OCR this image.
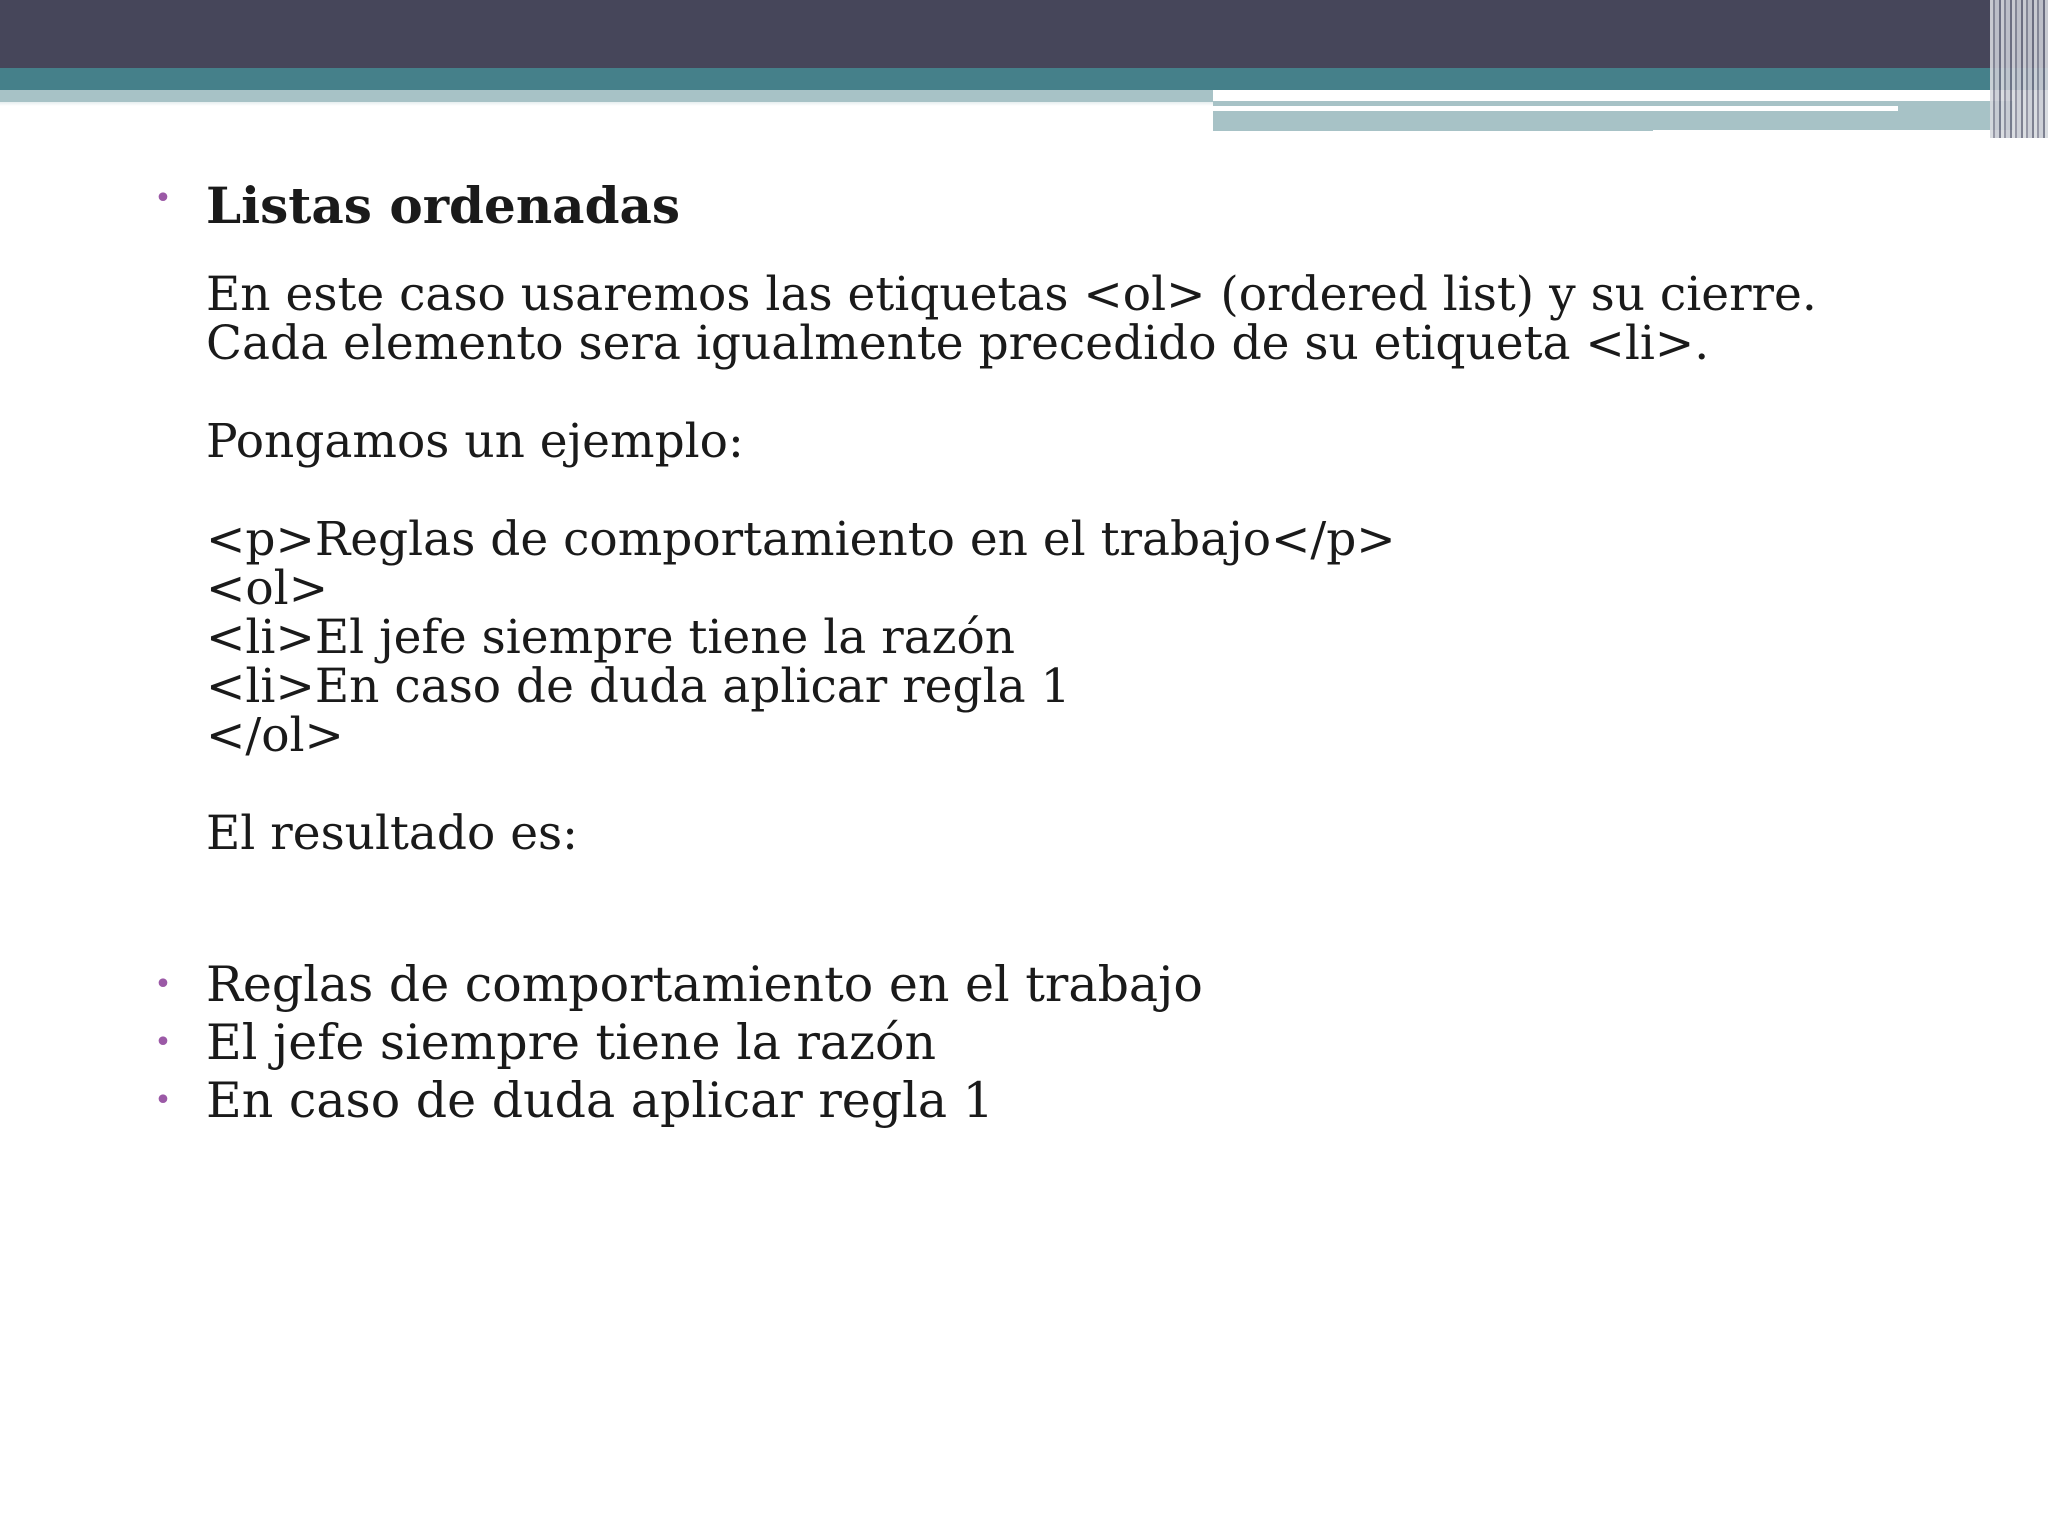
• Listas ordenadas

En este caso usaremos las etiquetas <ol> (ordered list) y su cierre. Cada elemento sera igualmente precedido de su etiqueta <li>.

Pongamos un ejemplo:

<p>Reglas de comportamiento en el trabajo</p>

<ol>

<li>El jefe siempre tiene la razón

<li>En caso de duda aplicar regla 1

</ol>

El resultado es:

• Reglas de comportamiento en el trabajo
• El jefe siempre tiene la razón
• En caso de duda aplicar regla 1
